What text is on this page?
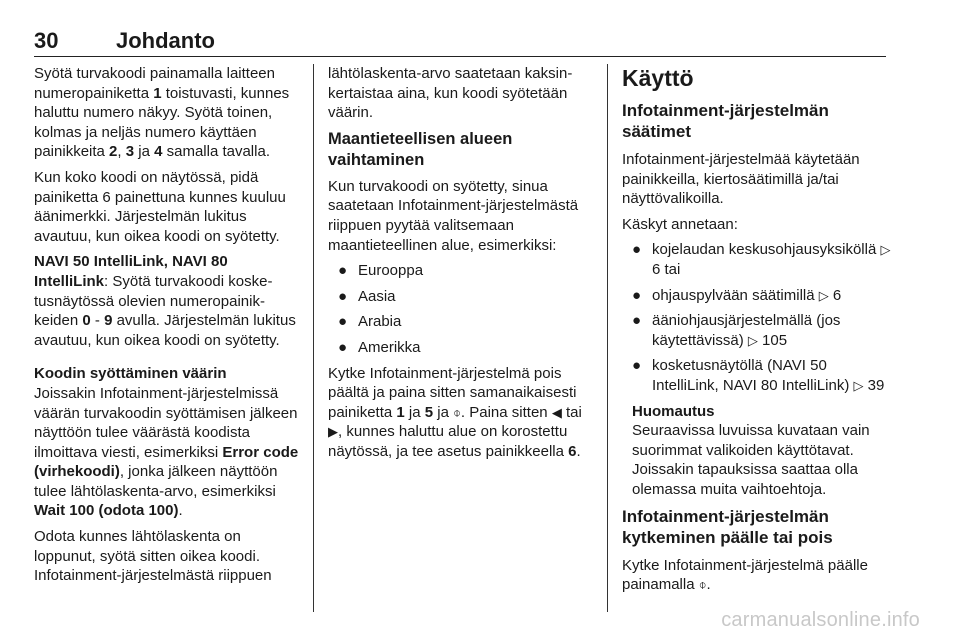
30	Johdanto

Syötä turvakoodi painamalla laitteen numeropainiketta 1 toistuvasti, kunnes haluttu numero näkyy. Syötä toinen, kolmas ja neljäs numero käyttäen painikkeita 2, 3 ja 4 samalla tavalla.

Kun koko koodi on näytössä, pidä painiketta 6 painettuna kunnes kuuluu äänimerkki. Järjestelmän lukitus avautuu, kun oikea koodi on syötetty.

NAVI 50 IntelliLink, NAVI 80 IntelliLink: Syötä turvakoodi kosketusnäytössä olevien numeropainikkeiden 0 - 9 avulla. Järjestelmän lukitus avautuu, kun oikea koodi on syötetty.

Koodin syöttäminen väärin

Joissakin Infotainment-järjestelmissä väärän turvakoodin syöttämisen jälkeen näyttöön tulee väärästä koodista ilmoittava viesti, esimerkiksi Error code (virhekoodi), jonka jälkeen näyttöön tulee lähtölaskenta-arvo, esimerkiksi Wait 100 (odota 100).

Odota kunnes lähtölaskenta on loppunut, syötä sitten oikea koodi. Infotainment-järjestelmästä riippuen

lähtölaskenta-arvo saatetaan kaksinkertaistaa aina, kun koodi syötetään väärin.

Maantieteellisen alueen vaihtaminen

Kun turvakoodi on syötetty, sinua saatetaan Infotainment-järjestelmästä riippuen pyytää valitsemaan maantieteellinen alue, esimerkiksi:

● Eurooppa
● Aasia
● Arabia
● Amerikka

Kytke Infotainment-järjestelmä pois päältä ja paina sitten samanaikaisesti painiketta 1 ja 5 ja ⌽. Paina sitten ◀ tai ▶, kunnes haluttu alue on korostettu näytössä, ja tee asetus painikkeella 6.

Käyttö
Infotainment-järjestelmän säätimet

Infotainment-järjestelmää käytetään painikkeilla, kiertosäätimillä ja/tai näyttövalikoilla.

Käskyt annetaan:

● kojelaudan keskusohjausyksiköllä ▷ 6 tai
● ohjauspylvään säätimillä ▷ 6
● ääniohjausjärjestelmällä (jos käytettävissä) ▷ 105
● kosketusnäytöllä (NAVI 50 IntelliLink, NAVI 80 IntelliLink) ▷ 39
Huomautus

Seuraavissa luvuissa kuvataan vain suorimmat valikoiden käyttötavat. Joissakin tapauksissa saattaa olla olemassa muita vaihtoehtoja.

Infotainment-järjestelmän kytkeminen päälle tai pois

Kytke Infotainment-järjestelmä päälle painamalla ⌽.

carmanualsonline.info
